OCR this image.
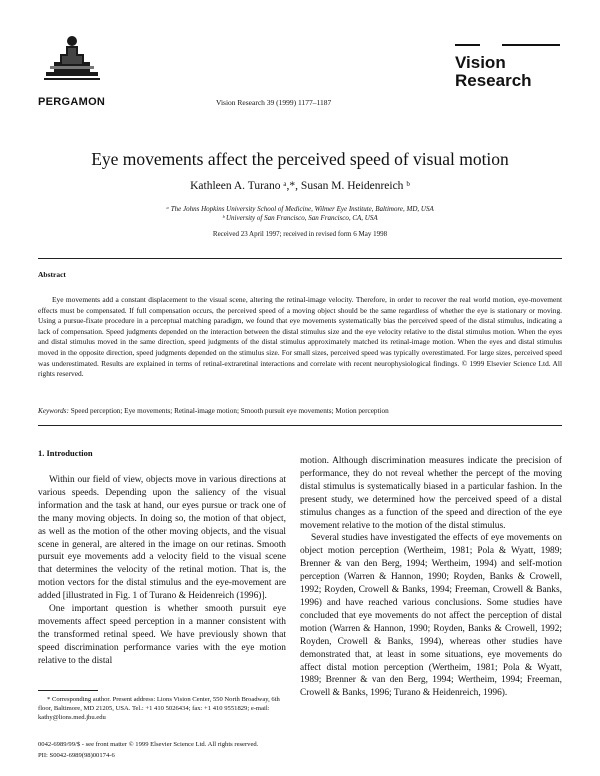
PERGAMON	Vision Research 39 (1999) 1177–1187
Vision
Research
Eye movements affect the perceived speed of visual motion
Kathleen A. Turano ᵃ,*, Susan M. Heidenreich ᵇ
ᵃ The Johns Hopkins University School of Medicine, Wilmer Eye Institute, Baltimore, MD, USA
ᵇ University of San Francisco, San Francisco, CA, USA
Received 23 April 1997; received in revised form 6 May 1998
Abstract
Eye movements add a constant displacement to the visual scene, altering the retinal-image velocity. Therefore, in order to recover the real world motion, eye-movement effects must be compensated. If full compensation occurs, the perceived speed of a moving object should be the same regardless of whether the eye is stationary or moving. Using a pursue-fixate procedure in a perceptual matching paradigm, we found that eye movements systematically bias the perceived speed of the distal stimulus, indicating a lack of compensation. Speed judgments depended on the interaction between the distal stimulus size and the eye velocity relative to the distal stimulus motion. When the eyes and distal stimulus moved in the same direction, speed judgments of the distal stimulus approximately matched its retinal-image motion. When the eyes and distal stimulus moved in the opposite direction, speed judgments depended on the stimulus size. For small sizes, perceived speed was typically overestimated. For large sizes, perceived speed was underestimated. Results are explained in terms of retinal-extraretinal interactions and correlate with recent neurophysiological findings. © 1999 Elsevier Science Ltd. All rights reserved.
Keywords: Speed perception; Eye movements; Retinal-image motion; Smooth pursuit eye movements; Motion perception
1. Introduction

Within our field of view, objects move in various directions at various speeds. Depending upon the saliency of the visual information and the task at hand, our eyes pursue or track one of the many moving objects. In doing so, the motion of that object, as well as the motion of the other moving objects, and the visual scene in general, are altered in the image on our retinas. Smooth pursuit eye movements add a velocity field to the visual scene that determines the velocity of the retinal motion. That is, the motion vectors for the distal stimulus and the eye-movement are added [illustrated in Fig. 1 of Turano & Heidenreich (1996)].

One important question is whether smooth pursuit eye movements affect speed perception in a manner consistent with the transformed retinal speed. We have previously shown that speed discrimination performance varies with the eye motion relative to the distal

motion. Although discrimination measures indicate the precision of performance, they do not reveal whether the percept of the moving distal stimulus is systematically biased in a particular fashion. In the present study, we determined how the perceived speed of a distal stimulus changes as a function of the speed and direction of the eye movement relative to the motion of the distal stimulus.

Several studies have investigated the effects of eye movements on object motion perception (Wertheim, 1981; Pola & Wyatt, 1989; Brenner & van den Berg, 1994; Wertheim, 1994) and self-motion perception (Warren & Hannon, 1990; Royden, Banks & Crowell, 1992; Royden, Crowell & Banks, 1994; Freeman, Crowell & Banks, 1996) and have reached various conclusions. Some studies have concluded that eye movements do not affect the perception of distal motion (Warren & Hannon, 1990; Royden, Banks & Crowell, 1992; Royden, Crowell & Banks, 1994), whereas other studies have demonstrated that, at least in some situations, eye movements do affect distal motion perception (Wertheim, 1981; Pola & Wyatt, 1989; Brenner & van den Berg, 1994; Wertheim, 1994; Freeman, Crowell & Banks, 1996; Turano & Heidenreich, 1996).

* Corresponding author. Present address: Lions Vision Center, 550 North Broadway, 6th floor, Baltimore, MD 21205, USA. Tel.: +1 410 5026434; fax: +1 410 9551829; e-mail: kathy@lions.med.jhu.edu
0042-6989/99/$ - see front matter © 1999 Elsevier Science Ltd. All rights reserved.
PII: S0042-6989(98)00174-6
